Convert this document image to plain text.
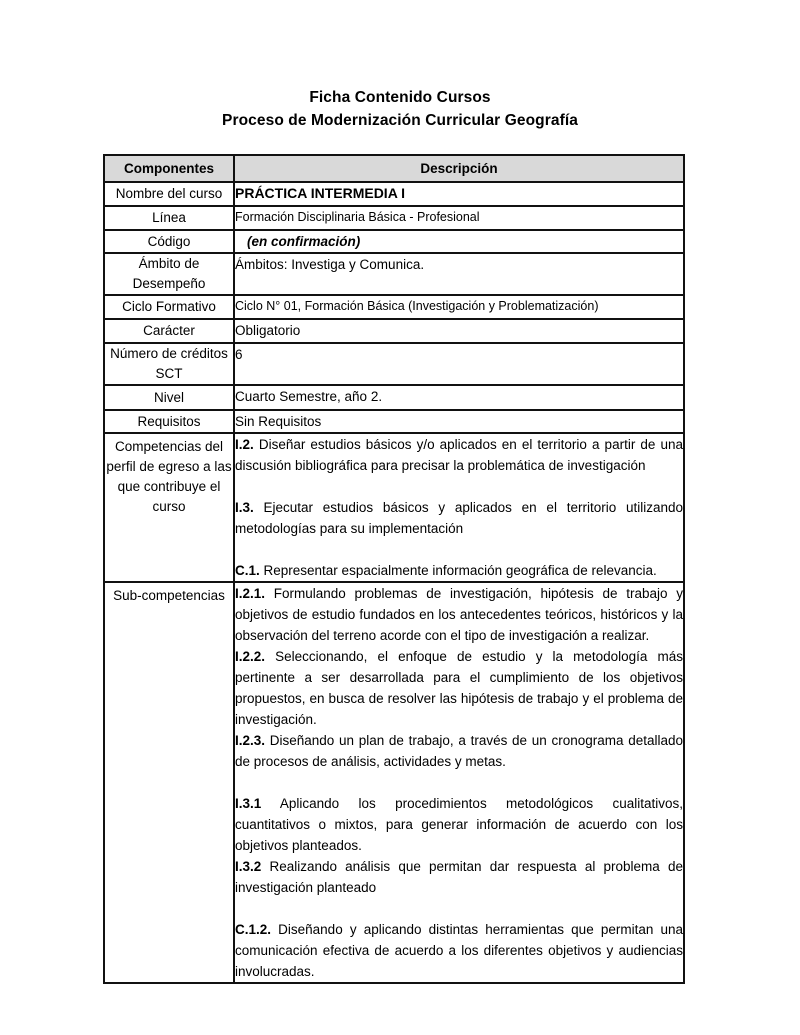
Ficha Contenido Cursos
Proceso de Modernización Curricular Geografía
Componentes	Descripción
Nombre del curso	PRÁCTICA INTERMEDIA I

Línea	Formación Disciplinaria Básica - Profesional

Código	(en confirmación)

Ámbito de Desempeño	Ámbitos: Investiga y Comunica.

Ciclo Formativo	Ciclo N° 01, Formación Básica (Investigación y Problematización)

Carácter	Obligatorio

Número de créditos SCT	6

Nivel	Cuarto Semestre, año 2.

Requisitos	Sin Requisitos

Competencias del perfil de egreso a las que contribuye el curso	I.2. Diseñar estudios básicos y/o aplicados en el territorio a partir de una discusión bibliográfica para precisar la problemática de investigación

I.3. Ejecutar estudios básicos y aplicados en el territorio utilizando metodologías para su implementación

C.1. Representar espacialmente información geográfica de relevancia.

Sub-competencias	I.2.1. Formulando problemas de investigación, hipótesis de trabajo y objetivos de estudio fundados en los antecedentes teóricos, históricos y la observación del terreno acorde con el tipo de investigación a realizar.

I.2.2. Seleccionando, el enfoque de estudio y la metodología más pertinente a ser desarrollada para el cumplimiento de los objetivos propuestos, en busca de resolver las hipótesis de trabajo y el problema de investigación.

I.2.3. Diseñando un plan de trabajo, a través de un cronograma detallado de procesos de análisis, actividades y metas.

I.3.1 Aplicando los procedimientos metodológicos cualitativos, cuantitativos o mixtos, para generar información de acuerdo con los objetivos planteados.

I.3.2 Realizando análisis que permitan dar respuesta al problema de investigación planteado

C.1.2. Diseñando y aplicando distintas herramientas que permitan una comunicación efectiva de acuerdo a los diferentes objetivos y audiencias involucradas.
